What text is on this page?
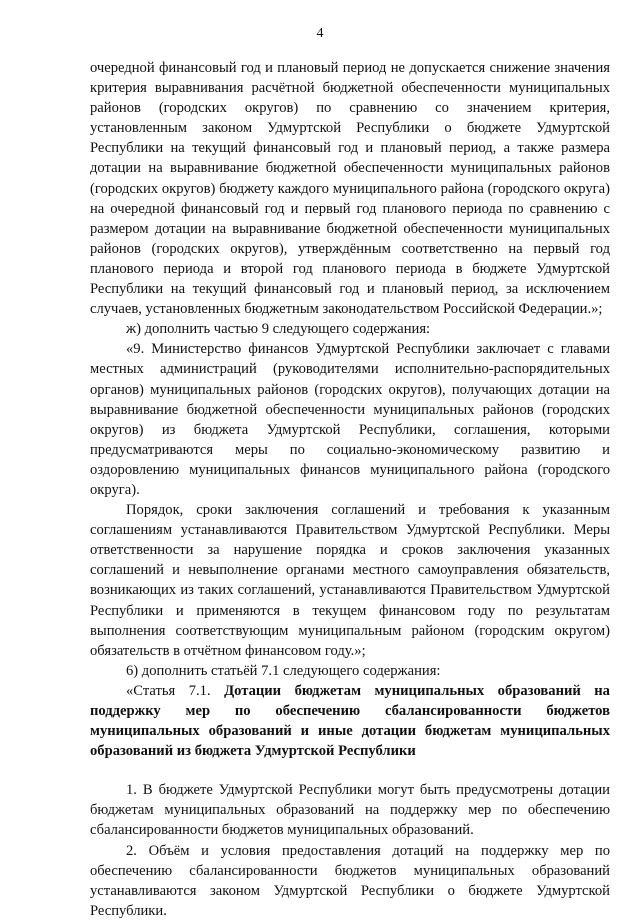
4

очередной финансовый год и плановый период не допускается снижение значения критерия выравнивания расчётной бюджетной обеспеченности муниципальных районов (городских округов) по сравнению со значением критерия, установленным законом Удмуртской Республики о бюджете Удмуртской Республики на текущий финансовый год и плановый период, а также размера дотации на выравнивание бюджетной обеспеченности муниципальных районов (городских округов) бюджету каждого муниципального района (городского округа) на очередной финансовый год и первый год планового периода по сравнению с размером дотации на выравнивание бюджетной обеспеченности муниципальных районов (городских округов), утверждённым соответственно на первый год планового периода и второй год планового периода в бюджете Удмуртской Республики на текущий финансовый год и плановый период, за исключением случаев, установленных бюджетным законодательством Российской Федерации.»;

ж) дополнить частью 9 следующего содержания:

«9. Министерство финансов Удмуртской Республики заключает с главами местных администраций (руководителями исполнительно-распорядительных органов) муниципальных районов (городских округов), получающих дотации на выравнивание бюджетной обеспеченности муниципальных районов (городских округов) из бюджета Удмуртской Республики, соглашения, которыми предусматриваются меры по социально-экономическому развитию и оздоровлению муниципальных финансов муниципального района (городского округа).

Порядок, сроки заключения соглашений и требования к указанным соглашениям устанавливаются Правительством Удмуртской Республики. Меры ответственности за нарушение порядка и сроков заключения указанных соглашений и невыполнение органами местного самоуправления обязательств, возникающих из таких соглашений, устанавливаются Правительством Удмуртской Республики и применяются в текущем финансовом году по результатам выполнения соответствующим муниципальным районом (городским округом) обязательств в отчётном финансовом году.»;

6) дополнить статьёй 7.1 следующего содержания:

«Статья 7.1. Дотации бюджетам муниципальных образований на поддержку мер по обеспечению сбалансированности бюджетов муниципальных образований и иные дотации бюджетам муниципальных образований из бюджета Удмуртской Республики

1. В бюджете Удмуртской Республики могут быть предусмотрены дотации бюджетам муниципальных образований на поддержку мер по обеспечению сбалансированности бюджетов муниципальных образований.

2. Объём и условия предоставления дотаций на поддержку мер по обеспечению сбалансированности бюджетов муниципальных образований устанавливаются законом Удмуртской Республики о бюджете Удмуртской Республики.
